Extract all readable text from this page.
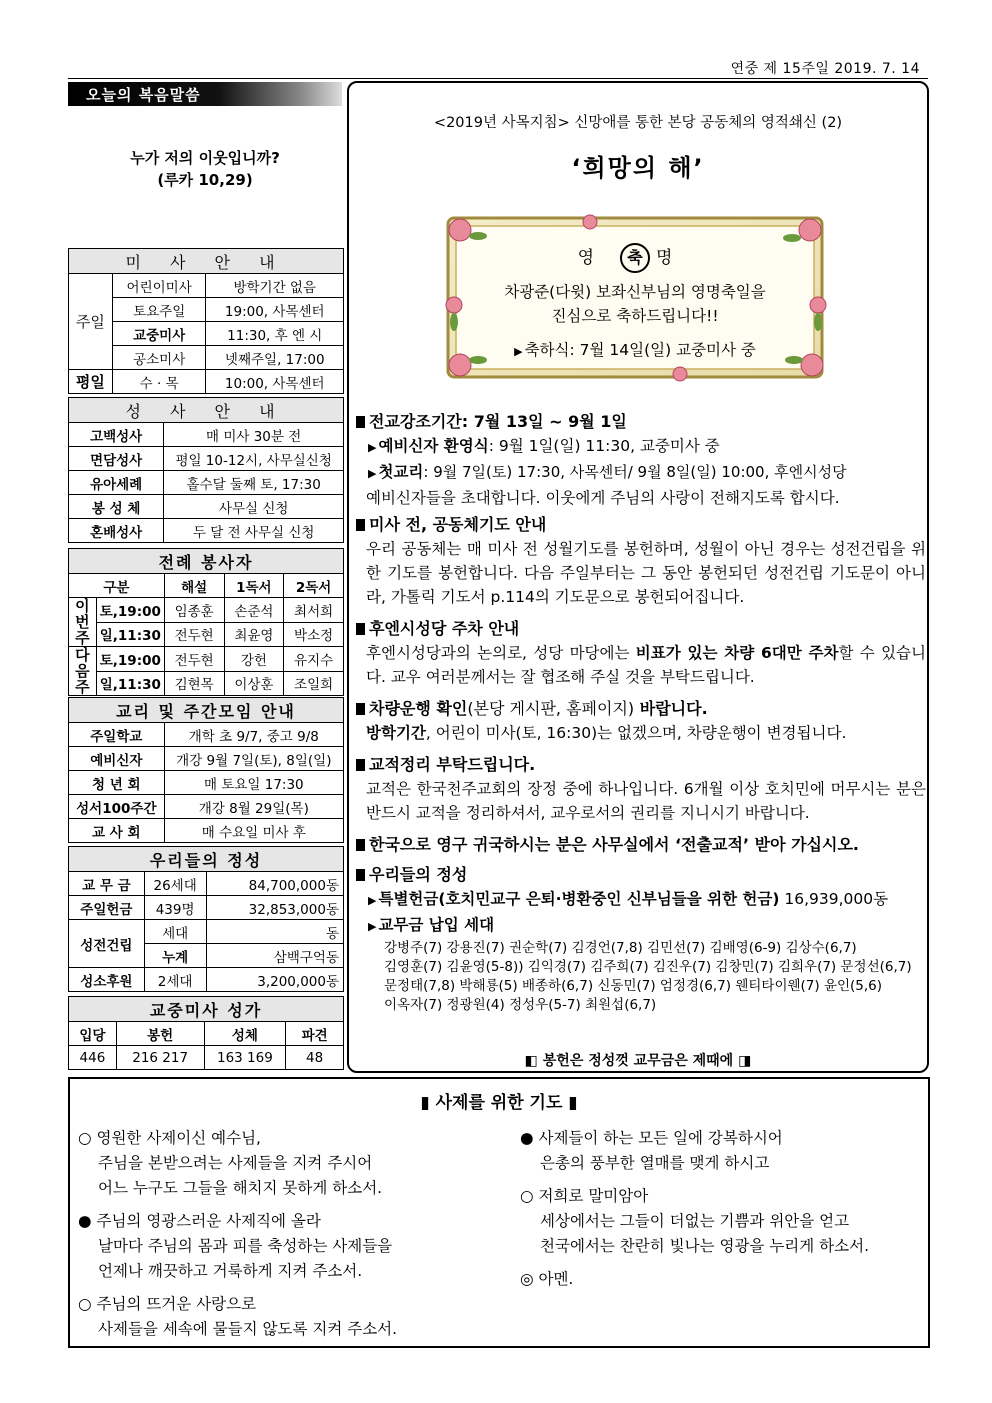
연중 제 15주일 2019. 7. 14
오늘의 복음말씀
누가 저의 이웃입니까?
(루카 10,29)
미 사 안 내		
주일	어린이미사	방학기간 없음
	토요주일	19:00, 사목센터
	교중미사	11:30, 후 엔 시
	공소미사	넷째주일, 17:00
평일	수 · 목	10:00, 사목센터
성 사 안 내	
고백성사	매 미사 30분 전
면담성사	평일 10-12시, 사무실신청
유아세례	홀수달 둘째 토, 17:30
봉 성 체	사무실 신청
혼배성사	두 달 전 사무실 신청
전례 봉사자				
구분		해설	1독서	2독서
이번주	토,19:00	임종훈	손준석	최서희
	일,11:30	전두현	최윤영	박소정
다음주	토,19:00	전두현	강헌	유지수
	일,11:30	김현목	이상훈	조일희
교리 및 주간모임 안내	
주일학교	개학 초 9/7, 중고 9/8
예비신자	개강 9월 7일(토), 8일(일)
청 년 회	매 토요일 17:30
성서100주간	개강 8월 29일(목)
교 사 회	매 수요일 미사 후
우리들의 정성		
교 무 금	26세대	84,700,000동
주일헌금	439명	32,853,000동
성전건립	세대	동
	누계	삼백구억동
성소후원	2세대	3,200,000동
교중미사 성가			
입당	봉헌	성체	파견
446	216 217	163 169	48
<2019년 사목지침> 신망애를 통한 본당 공동체의 영적쇄신 (2)
‘희망의 해’
영 축 명
차광준(다윗) 보좌신부님의 영명축일을
진심으로 축하드립니다!!
▶ 축하식: 7월 14일(일) 교중미사 중
전교강조기간: 7월 13일 ~ 9월 1일
▶ 예비신자 환영식: 9월 1일(일) 11:30, 교중미사 중
▶ 첫교리: 9월 7일(토) 17:30, 사목센터/ 9월 8일(일) 10:00, 후엔시성당
예비신자들을 초대합니다. 이웃에게 주님의 사랑이 전해지도록 합시다.
미사 전, 공동체기도 안내
우리 공동체는 매 미사 전 성월기도를 봉헌하며, 성월이 아닌 경우는 성전건립을 위한 기도를 봉헌합니다. 다음 주일부터는 그 동안 봉헌되던 성전건립 기도문이 아니라, 가톨릭 기도서 p.114의 기도문으로 봉헌되어집니다.
후엔시성당 주차 안내
후엔시성당과의 논의로, 성당 마당에는 비표가 있는 차량 6대만 주차할 수 있습니다. 교우 여러분께서는 잘 협조해 주실 것을 부탁드립니다.
차량운행 확인(본당 게시판, 홈페이지) 바랍니다.
방학기간, 어린이 미사(토, 16:30)는 없겠으며, 차량운행이 변경됩니다.
교적정리 부탁드립니다.
교적은 한국천주교회의 장정 중에 하나입니다. 6개월 이상 호치민에 머무시는 분은 반드시 교적을 정리하셔서, 교우로서의 권리를 지니시기 바랍니다.
한국으로 영구 귀국하시는 분은 사무실에서 ‘전출교적’ 받아 가십시오.
우리들의 정성
▶ 특별헌금(호치민교구 은퇴·병환중인 신부님들을 위한 헌금) 16,939,000동
▶ 교무금 납입 세대
강병주(7) 강용진(7) 권순학(7) 김경언(7,8) 김민선(7) 김배영(6-9) 김상수(6,7)
김영훈(7) 김윤영(5-8)) 김익경(7) 김주희(7) 김진우(7) 김창민(7) 김희우(7) 문정선(6,7)
문정태(7,8) 박해룡(5) 배종하(6,7) 신동민(7) 엄정경(6,7) 웬티타이웬(7) 윤인(5,6)
이옥자(7) 정광원(4) 정성우(5-7) 최원섭(6,7)
◧ 봉헌은 정성껏 교무금은 제때에 ◨
▮ 사제를 위한 기도 ▮

○ 영원한 사제이신 예수님,
주님을 본받으려는 사제들을 지켜 주시어
어느 누구도 그들을 해치지 못하게 하소서.

● 주님의 영광스러운 사제직에 올라
날마다 주님의 몸과 피를 축성하는 사제들을
언제나 깨끗하고 거룩하게 지켜 주소서.

○ 주님의 뜨거운 사랑으로
사제들을 세속에 물들지 않도록 지켜 주소서.

● 사제들이 하는 모든 일에 강복하시어
은총의 풍부한 열매를 맺게 하시고

○ 저희로 말미암아
세상에서는 그들이 더없는 기쁨과 위안을 얻고
천국에서는 찬란히 빛나는 영광을 누리게 하소서.

◎ 아멘.
